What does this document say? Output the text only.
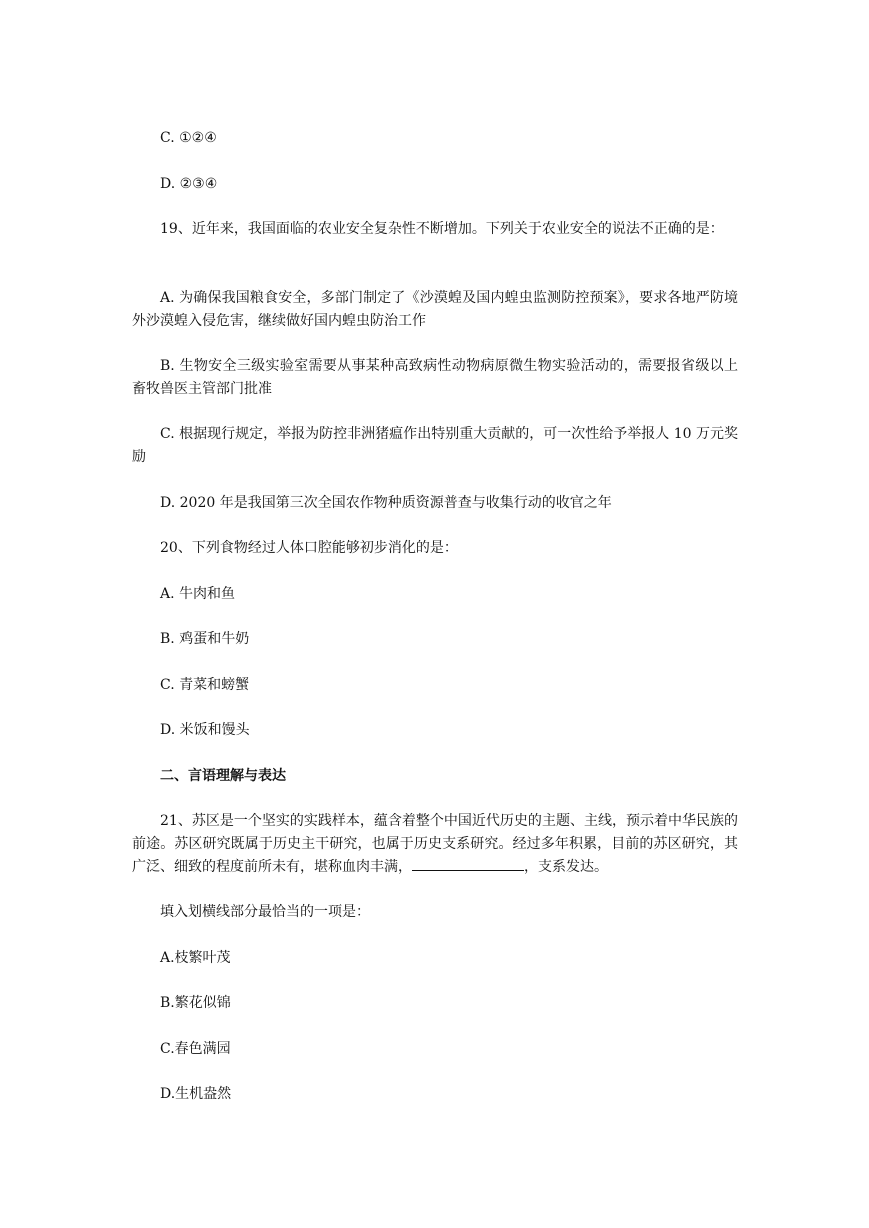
C. ①②④

D. ②③④

19、近年来，我国面临的农业安全复杂性不断增加。下列关于农业安全的说法不正确的是：

A. 为确保我国粮食安全，多部门制定了《沙漠蝗及国内蝗虫监测防控预案》，要求各地严防境外沙漠蝗入侵危害，继续做好国内蝗虫防治工作

B. 生物安全三级实验室需要从事某种高致病性动物病原微生物实验活动的，需要报省级以上畜牧兽医主管部门批准

C. 根据现行规定，举报为防控非洲猪瘟作出特别重大贡献的，可一次性给予举报人 10 万元奖励

D. 2020 年是我国第三次全国农作物种质资源普查与收集行动的收官之年

20、下列食物经过人体口腔能够初步消化的是：

A. 牛肉和鱼

B. 鸡蛋和牛奶

C. 青菜和螃蟹

D. 米饭和馒头

二、言语理解与表达

21、苏区是一个坚实的实践样本，蕴含着整个中国近代历史的主题、主线，预示着中华民族的前途。苏区研究既属于历史主干研究，也属于历史支系研究。经过多年积累，目前的苏区研究，其广泛、细致的程度前所未有，堪称血肉丰满，	，支系发达。

填入划横线部分最恰当的一项是：

A.枝繁叶茂

B.繁花似锦

C.春色满园

D.生机盎然
